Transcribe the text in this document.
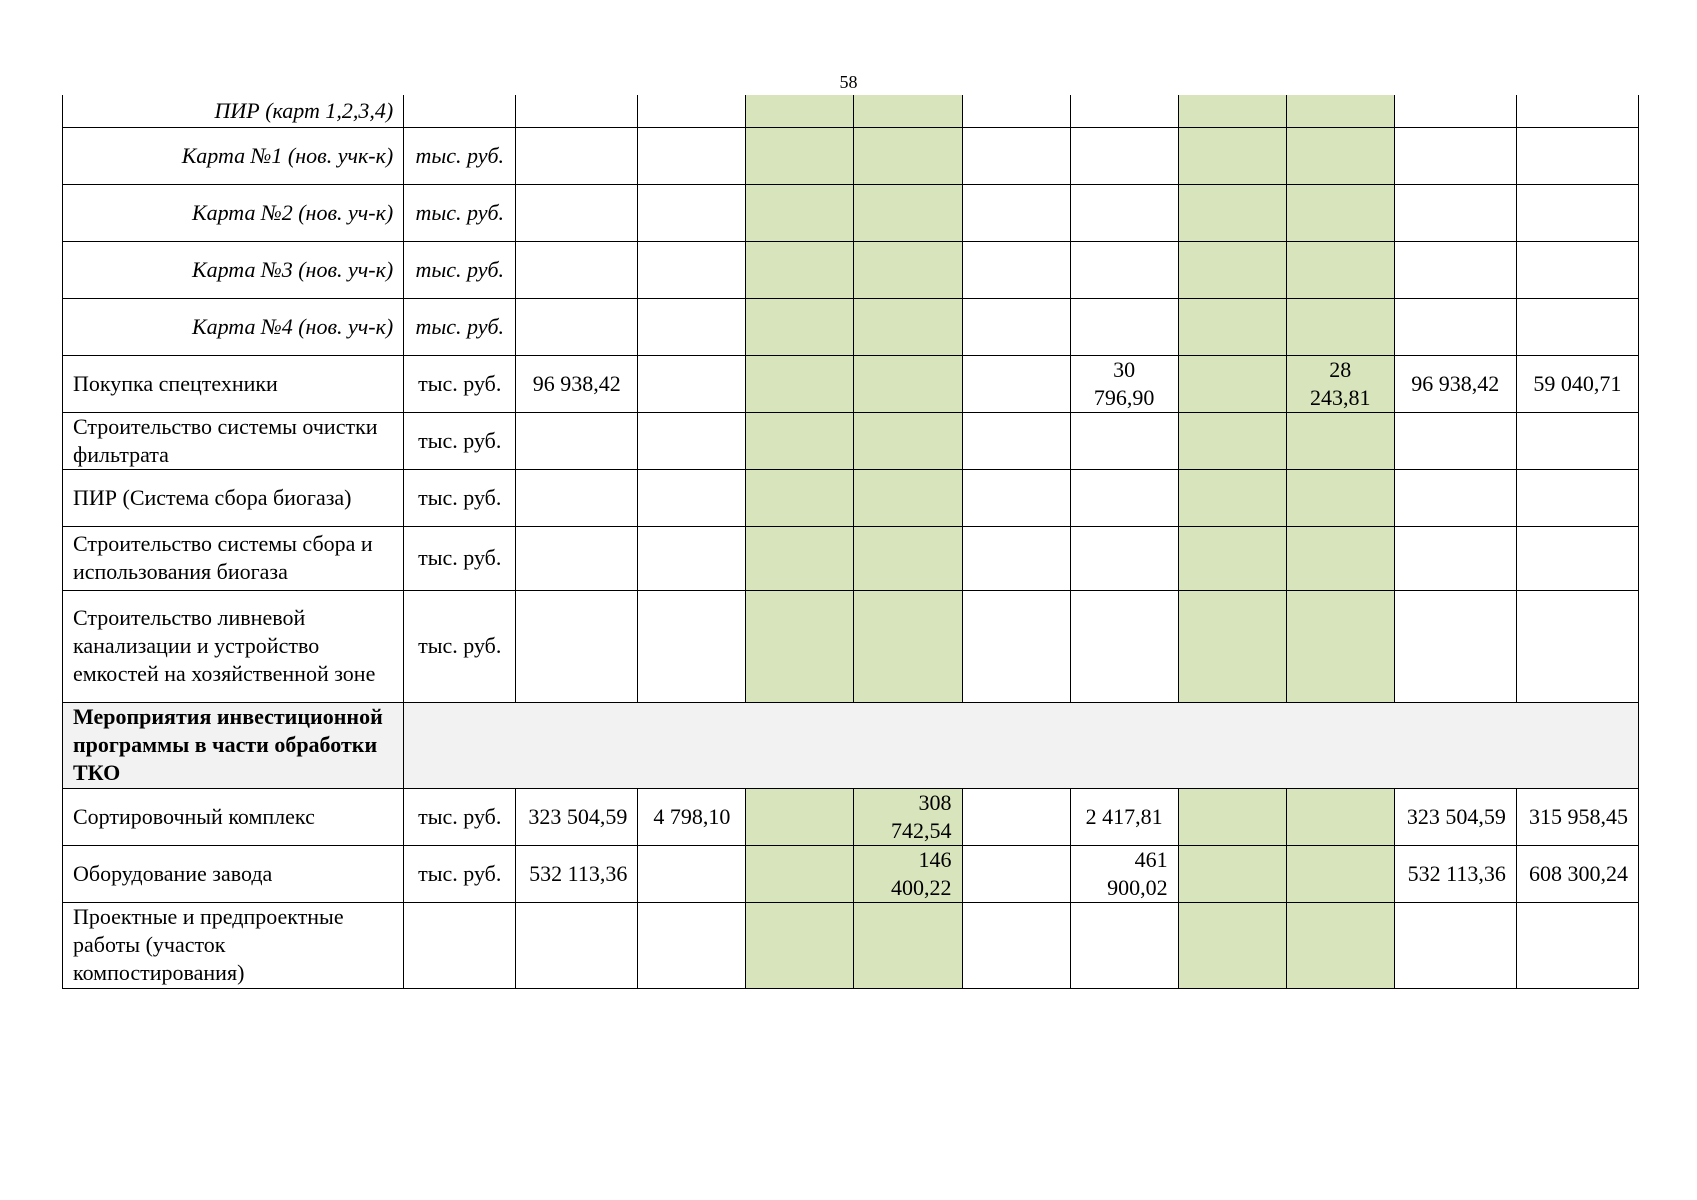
58
ПИР (карт 1,2,3,4)											
Карта №1 (нов. учк-к)	тыс. руб.										
Карта №2 (нов. уч-к)	тыс. руб.										
Карта №3 (нов. уч-к)	тыс. руб.										
Карта №4 (нов. уч-к)	тыс. руб.										
Покупка спецтехники	тыс. руб.	96 938,42					30 796,90		28 243,81	96 938,42	59 040,71
Строительство системы очистки фильтрата	тыс. руб.										
ПИР (Система сбора биогаза)	тыс. руб.										
Строительство системы сбора и использования биогаза	тыс. руб.										
Строительство ливневой канализации и устройство емкостей на хозяйственной зоне	тыс. руб.										
Мероприятия инвестиционной программы в части обработки ТКО											
Сортировочный комплекс	тыс. руб.	323 504,59	4 798,10		308 742,54		2 417,81			323 504,59	315 958,45
Оборудование завода	тыс. руб.	532 113,36			146 400,22		461 900,02			532 113,36	608 300,24
Проектные и предпроектные работы (участок компостирования)											
